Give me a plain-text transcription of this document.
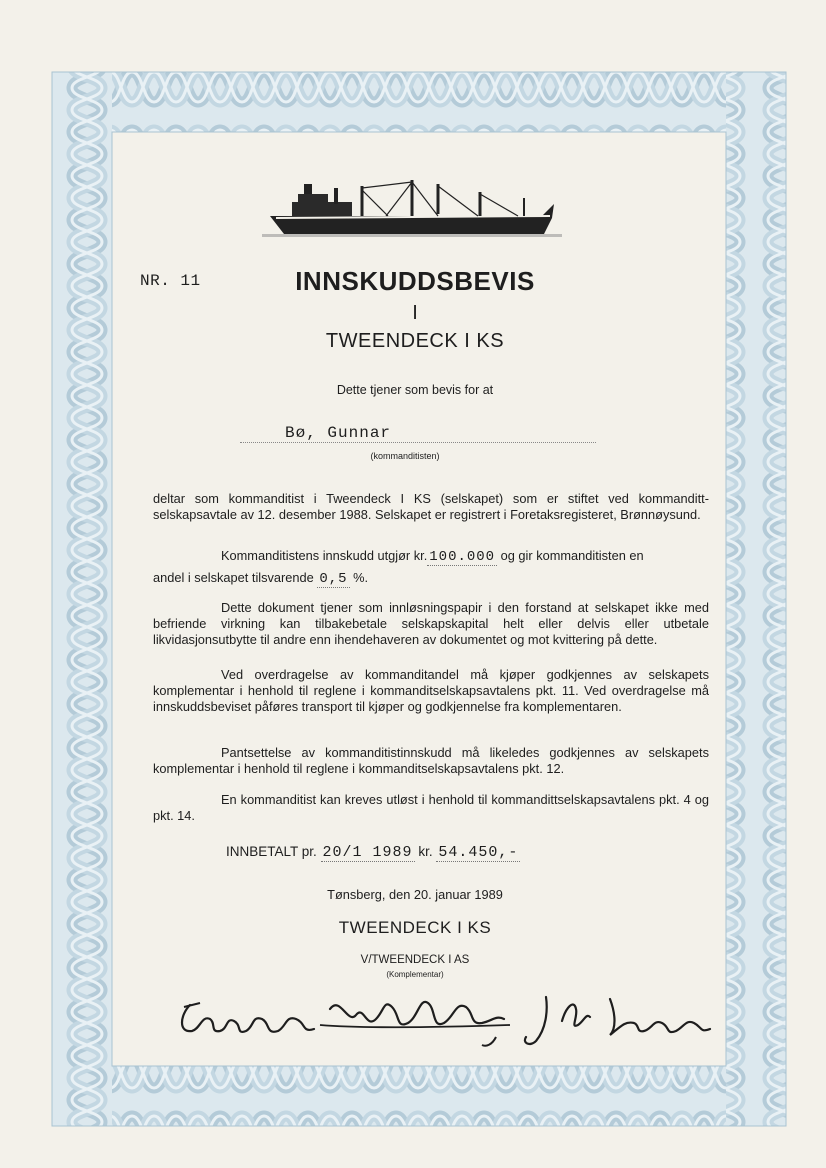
NR. 11	INNSKUDDSBEVIS
I
TWEENDECK I KS
Dette tjener som bevis for at
Bø, Gunnar
(kommanditisten)
deltar som kommanditist i Tweendeck I KS (selskapet) som er stiftet ved kommanditt-selskapsavtale av 12. desember 1988. Selskapet er registrert i Foretaksregisteret, Brønnøysund.
Kommanditistens innskudd utgjør kr. 100.000 og gir kommanditisten en
andel i selskapet tilsvarende 0,5 %.
Dette dokument tjener som innløsningspapir i den forstand at selskapet ikke med befriende virkning kan tilbakebetale selskapskapital helt eller delvis eller utbetale likvidasjonsutbytte til andre enn ihendehaveren av dokumentet og mot kvittering på dette.
Ved overdragelse av kommanditandel må kjøper godkjennes av selskapets komplementar i henhold til reglene i kommanditselskapsavtalens pkt. 11. Ved overdragelse må innskuddsbeviset påføres transport til kjøper og godkjennelse fra komplementaren.
Pantsettelse av kommanditistinnskudd må likeledes godkjennes av selskapets komplementar i henhold til reglene i kommanditselskapsavtalens pkt. 12.
En kommanditist kan kreves utløst i henhold til kommandittselskapsavtalens pkt. 4 og pkt. 14.
INNBETALT pr. 20/1 1989 kr. 54.450,-
Tønsberg, den 20. januar 1989
TWEENDECK I KS
V/TWEENDECK I AS
(Komplementar)
